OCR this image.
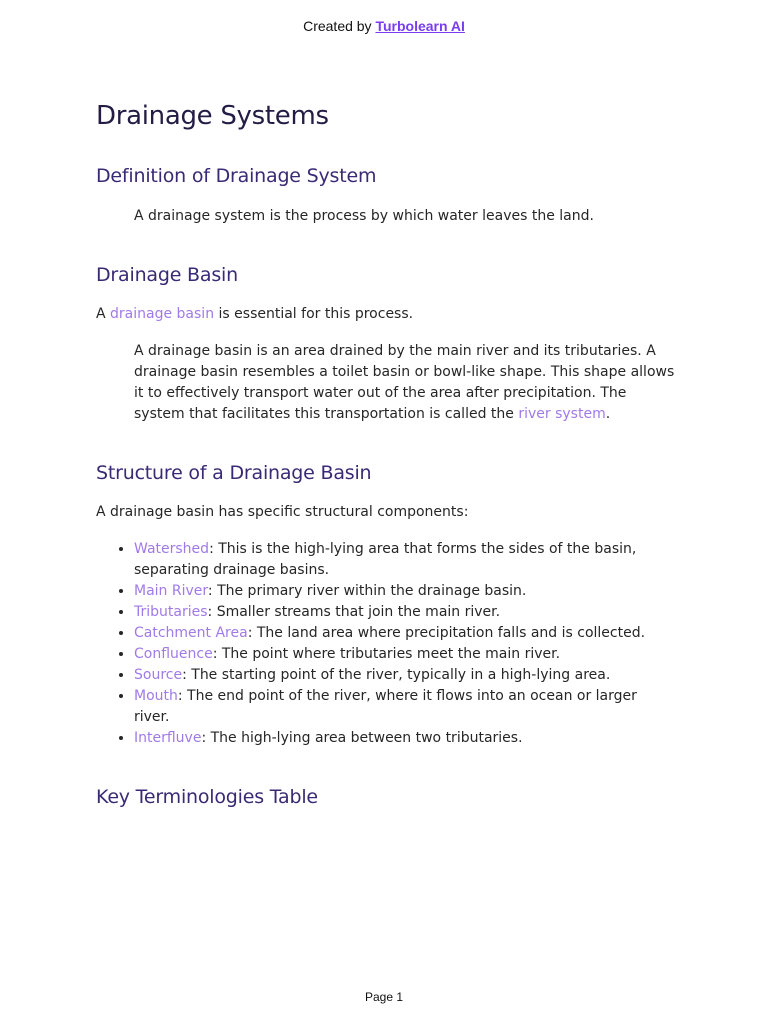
Created by Turbolearn AI
Drainage Systems
Definition of Drainage System

A drainage system is the process by which water leaves the land.

Drainage Basin

A drainage basin is essential for this process.

A drainage basin is an area drained by the main river and its tributaries. A drainage basin resembles a toilet basin or bowl-like shape. This shape allows it to effectively transport water out of the area after precipitation. The system that facilitates this transportation is called the river system.

Structure of a Drainage Basin

A drainage basin has specific structural components:

• Watershed: This is the high-lying area that forms the sides of the basin, separating drainage basins.
• Main River: The primary river within the drainage basin.
• Tributaries: Smaller streams that join the main river.
• Catchment Area: The land area where precipitation falls and is collected.
• Confluence: The point where tributaries meet the main river.
• Source: The starting point of the river, typically in a high-lying area.
• Mouth: The end point of the river, where it flows into an ocean or larger river.
• Interfluve: The high-lying area between two tributaries.
Key Terminologies Table
Page 1
